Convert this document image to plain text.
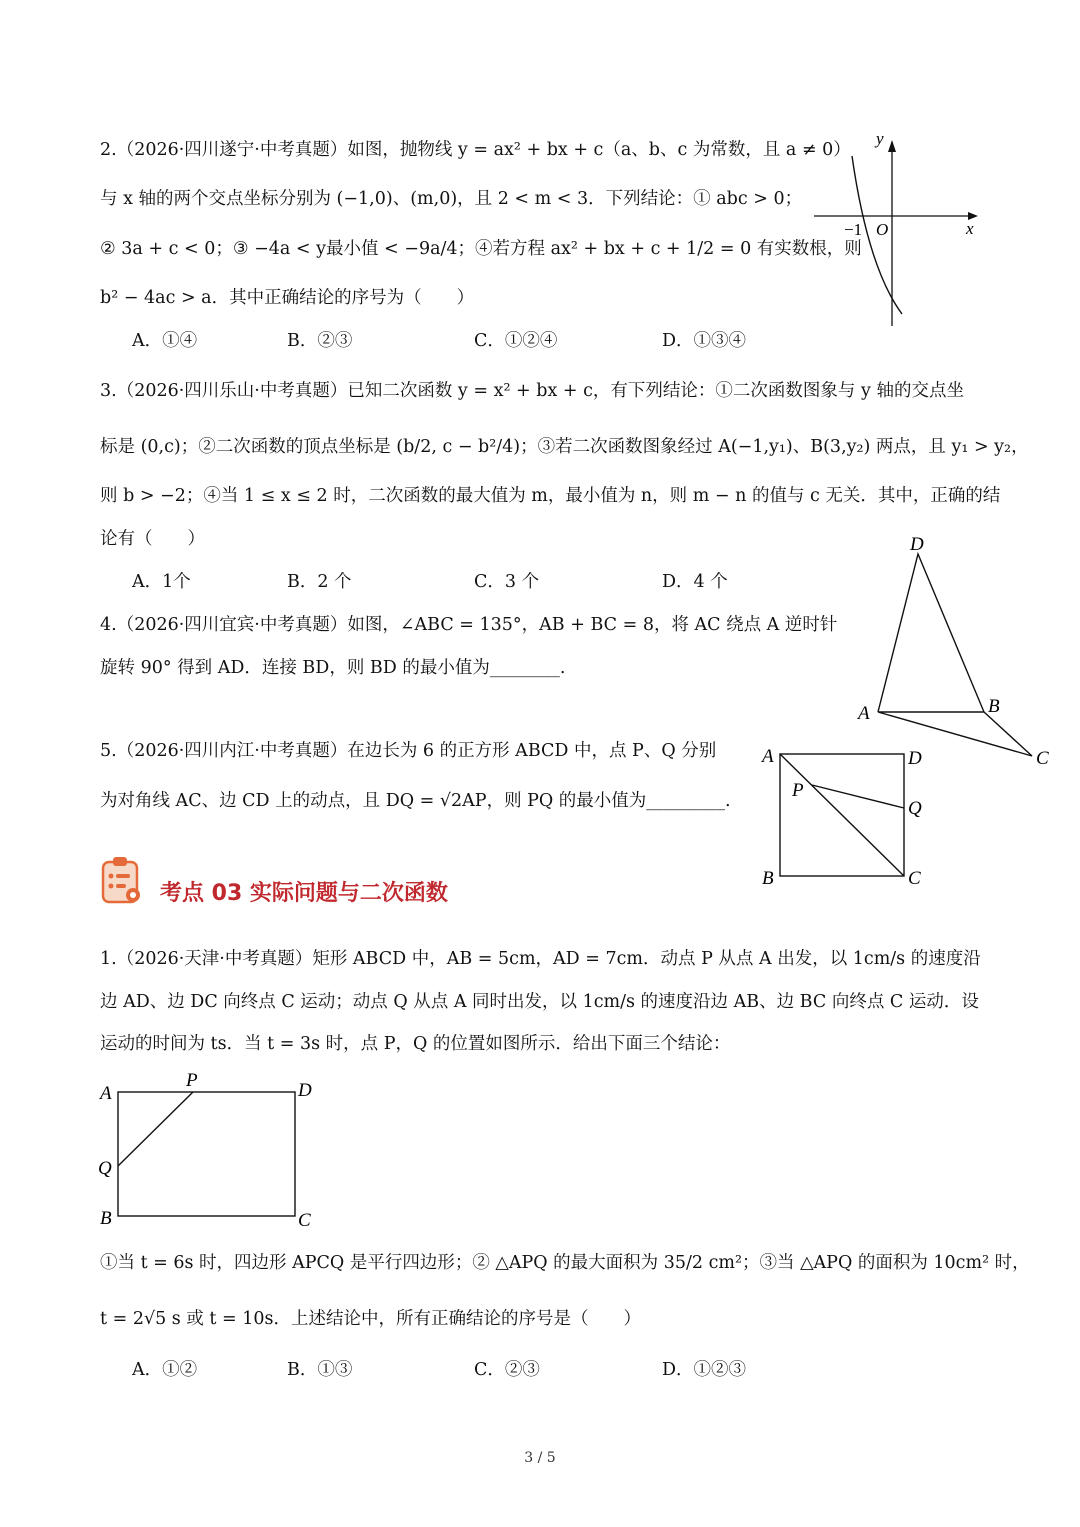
2.（2026·四川遂宁·中考真题）如图，抛物线 y = ax² + bx + c（a、b、c 为常数，且 a ≠ 0）
与 x 轴的两个交点坐标分别为 (−1,0)、(m,0)，且 2 < m < 3．下列结论：① abc > 0；
② 3a + c < 0；③ −4a < y最小值 < −9a/4；④若方程 ax² + bx + c + 1/2 = 0 有实数根，则
b² − 4ac > a．其中正确结论的序号为（　　）
A．①④	B．②③	C．①②④	D．①③④
y
x
O
−1
3.（2026·四川乐山·中考真题）已知二次函数 y = x² + bx + c，有下列结论：①二次函数图象与 y 轴的交点坐
标是 (0,c)；②二次函数的顶点坐标是 (b/2, c − b²/4)；③若二次函数图象经过 A(−1,y₁)、B(3,y₂) 两点，且 y₁ > y₂，
则 b > −2；④当 1 ≤ x ≤ 2 时，二次函数的最大值为 m，最小值为 n，则 m − n 的值与 c 无关．其中，正确的结
论有（　　）
A．1个	B．2 个	C．3 个	D．4 个
4.（2026·四川宜宾·中考真题）如图，∠ABC = 135°，AB + BC = 8，将 AC 绕点 A 逆时针
旋转 90° 得到 AD．连接 BD，则 BD 的最小值为________.
D
A	B
C
5.（2026·四川内江·中考真题）在边长为 6 的正方形 ABCD 中，点 P、Q 分别
为对角线 AC、边 CD 上的动点，且 DQ = √2AP，则 PQ 的最小值为_________.
A	D
B	C
P
Q
考点 03 实际问题与二次函数
1.（2026·天津·中考真题）矩形 ABCD 中，AB = 5cm，AD = 7cm．动点 P 从点 A 出发，以 1cm/s 的速度沿
边 AD、边 DC 向终点 C 运动；动点 Q 从点 A 同时出发，以 1cm/s 的速度沿边 AB、边 BC 向终点 C 运动．设
运动的时间为 ts．当 t = 3s 时，点 P，Q 的位置如图所示．给出下面三个结论：
A
P	D
Q
B	C
①当 t = 6s 时，四边形 APCQ 是平行四边形；② △APQ 的最大面积为 35/2 cm²；③当 △APQ 的面积为 10cm² 时，
t = 2√5 s 或 t = 10s．上述结论中，所有正确结论的序号是（　　）
A．①②	B．①③	C．②③	D．①②③
3 / 5
